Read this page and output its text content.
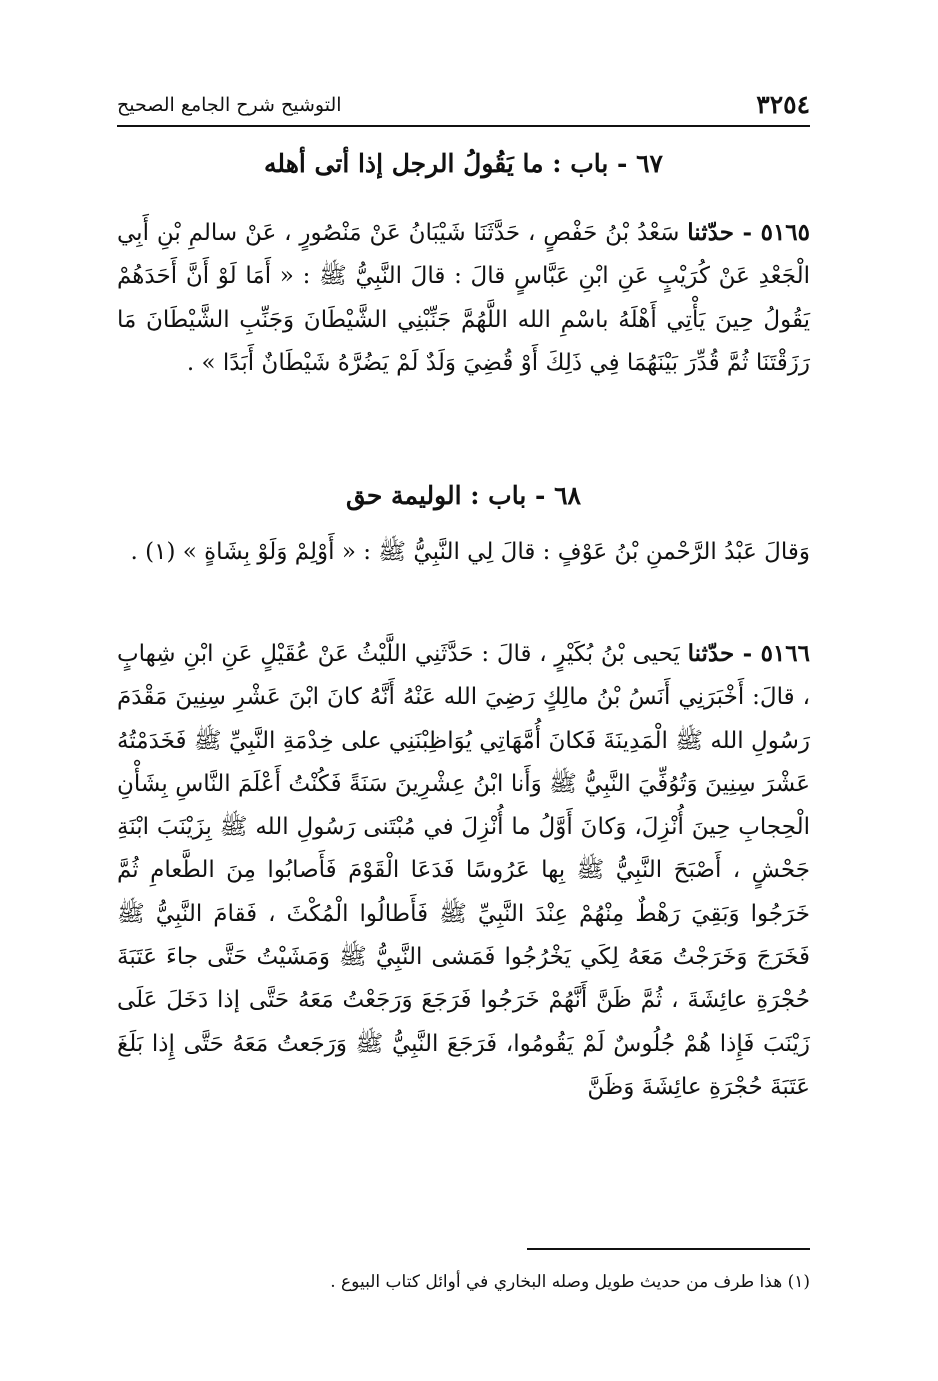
٣٢٥٤
التوشيح شرح الجامع الصحيح
٦٧ - باب : ما يَقُولُ الرجل إذا أتى أهله

٥١٦٥ - حدّثنا سَعْدُ بْنُ حَفْصٍ ، حَدَّثَنَا شَيْبَانُ عَنْ مَنْصُورٍ ، عَنْ سالمِ بْنِ أَبِي الْجَعْدِ عَنْ كُرَيْبٍ عَنِ ابْنِ عَبَّاسٍ قالَ : قالَ النَّبِيُّ ﷺ : « أَمَا لَوْ أَنَّ أَحَدَهُمْ يَقُولُ حِينَ يَأْتِي أَهْلَهُ باسْمِ الله اللَّهُمَّ جَنِّبْنِي الشَّيْطَانَ وَجَنِّبِ الشَّيْطَانَ مَا رَزَقْتَنَا ثُمَّ قُدِّرَ بَيْنَهُمَا فِي ذَلِكَ أَوْ قُضِيَ وَلَدٌ لَمْ يَضُرَّهُ شَيْطَانٌ أَبَدًا » .

٦٨ - باب : الوليمة حق

وَقالَ عَبْدُ الرَّحْمنِ بْنُ عَوْفٍ : قالَ لِي النَّبِيُّ ﷺ : « أَوْلِمْ وَلَوْ بِشَاةٍ » (١) .

٥١٦٦ - حدّثنا يَحيى بْنُ بُكَيْرٍ ، قالَ : حَدَّثَنِي اللَّيْثُ عَنْ عُقَيْلٍ عَنِ ابْنِ شِهابٍ ، قالَ: أَخْبَرَنِي أَنَسُ بْنُ مالِكٍ رَضِيَ الله عَنْهُ أَنَّهُ كانَ ابْنَ عَشْرِ سِنِينَ مَقْدَمَ رَسُولِ الله ﷺ الْمَدِينَةَ فَكانَ أُمَّهَاتِي يُوَاظِبْنَنِي على خِدْمَةِ النَّبِيِّ ﷺ فَخَدَمْتُهُ عَشْرَ سِنِينَ وَتُوُفِّيَ النَّبِيُّ ﷺ وَأَنا ابْنُ عِشْرِينَ سَنَةً فَكُنْتُ أَعْلَمَ النَّاسِ بِشَأْنِ الْحِجابِ حِينَ أُنْزِلَ، وَكانَ أَوَّلُ ما أُنْزِلَ في مُبْتَنى رَسُولِ الله ﷺ بِزَيْنَبَ ابْنَةِ جَحْشٍ ، أَصْبَحَ النَّبِيُّ ﷺ بِها عَرُوسًا فَدَعَا الْقَوْمَ فَأَصابُوا مِنَ الطَّعامِ ثُمَّ خَرَجُوا وَبَقِيَ رَهْطٌ مِنْهُمْ عِنْدَ النَّبِيِّ ﷺ فَأَطالُوا الْمُكْثَ ، فَقامَ النَّبِيُّ ﷺ فَخَرَجَ وَخَرَجْتُ مَعَهُ لِكَي يَخْرُجُوا فَمَشى النَّبِيُّ ﷺ وَمَشَيْتُ حَتَّى جاءَ عَتَبَةَ حُجْرَةِ عائِشَةَ ، ثُمَّ ظَنَّ أَنَّهُمْ خَرَجُوا فَرَجَعَ وَرَجَعْتُ مَعَهُ حَتَّى إذا دَخَلَ عَلَى زَيْنَبَ فَإِذا هُمْ جُلُوسٌ لَمْ يَقُومُوا، فَرَجَعَ النَّبِيُّ ﷺ وَرَجَعتُ مَعَهُ حَتَّى إِذا بَلَغَ عَتَبَةَ حُجْرَةِ عائِشَةَ وَظَنَّ

(١) هذا طرف من حديث طويل وصله البخاري في أوائل كتاب البيوع .
